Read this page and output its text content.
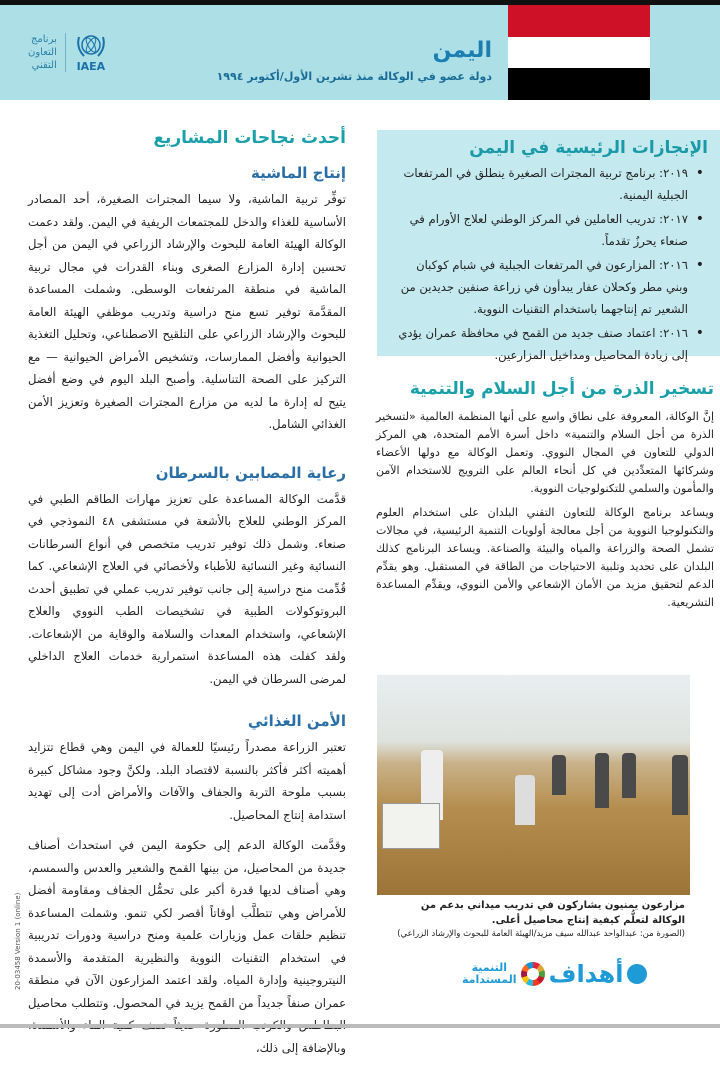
اليمن
دولة عضو في الوكالة منذ تشرين الأول/أكتوبر ١٩٩٤
برنامج
التعاون
التقني IAEA
أحدث نجاحات المشاريع
إنتاج الماشية

توفِّر تربية الماشية، ولا سيما المجترات الصغيرة، أحد المصادر الأساسية للغذاء والدخل للمجتمعات الريفية في اليمن. ولقد دعمت الوكالة الهيئة العامة للبحوث والإرشاد الزراعي في اليمن من أجل تحسين إدارة المزارع الصغرى وبناء القدرات في مجال تربية الماشية في منطقة المرتفعات الوسطى. وشملت المساعدة المقدَّمة توفير تسع منح دراسية وتدريب موظفي الهيئة العامة للبحوث والإرشاد الزراعي على التلقيح الاصطناعي، وتحليل التغذية الحيوانية وأفضل الممارسات، وتشخيص الأمراض الحيوانية — مع التركيز على الصحة التناسلية. وأصبح البلد اليوم في وضع أفضل يتيح له إدارة ما لديه من مزارع المجترات الصغيرة وتعزيز الأمن الغذائي الشامل.

رعاية المصابين بالسرطان

قدَّمت الوكالة المساعدة على تعزيز مهارات الطاقم الطبي في المركز الوطني للعلاج بالأشعة في مستشفى ٤٨ النموذجي في صنعاء. وشمل ذلك توفير تدريب متخصص في أنواع السرطانات النسائية وغير النسائية للأطباء ولأخصائي في العلاج الإشعاعي. كما قُدِّمت منح دراسية إلى جانب توفير تدريب عملي في تطبيق أحدث البروتوكولات الطبية في تشخيصات الطب النووي والعلاج الإشعاعي، واستخدام المعدات والسلامة والوقاية من الإشعاعات. ولقد كفلت هذه المساعدة استمرارية خدمات العلاج الداخلي لمرضى السرطان في اليمن.

الأمن الغذائي

تعتبر الزراعة مصدراً رئيسيًا للعمالة في اليمن وهي قطاع تتزايد أهميته أكثر فأكثر بالنسبة لاقتصاد البلد. ولكنَّ وجود مشاكل كبيرة بسبب ملوحة التربة والجفاف والآفات والأمراض أدت إلى تهديد استدامة إنتاج المحاصيل.

وقدَّمت الوكالة الدعم إلى حكومة اليمن في استحداث أصناف جديدة من المحاصيل، من بينها القمح والشعير والعدس والسمسم، وهي أصناف لديها قدرة أكبر على تحمُّل الجفاف ومقاومة أفضل للأمراض وهي تتطلَّب أوقاتاً أقصر لكي تنمو. وشملت المساعدة تنظيم حلقات عمل وزيارات علمية ومنح دراسية ودورات تدريبية في استخدام التقنيات النووية والنظيرية المتقدمة والأسمدة النيتروجينية وإدارة المياه. ولقد اعتمد المزارعون الآن في منطقة عمران صنفاً جديداً من القمح يزيد في المحصول. وتتطلب محاصيل وبالإضافة إلى ذلك،

الإنجازات الرئيسية في اليمن
• ٢٠١٩: برنامج تربية المجترات الصغيرة ينطلق في المرتفعات الجبلية اليمنية.
• ٢٠١٧: تدريب العاملين في المركز الوطني لعلاج الأورام في صنعاء يحرزُ تقدماً.
• ٢٠١٦: المزارعون في المرتفعات الجبلية في شبام كوكبان وبني مطر وكحلان عفار يبدأون في زراعة صنفين جديدين من الشعير تم إنتاجهما باستخدام التقنيات النووية.
• ٢٠١٦: اعتماد صنف جديد من القمح في محافظة عمران يؤدي إلى زيادة المحاصيل ومداخيل المزارعين.
تسخير الذرة من أجل السلام والتنمية

إنَّ الوكالة، المعروفة على نطاق واسع على أنها المنظمة العالمية «لتسخير الذرة من أجل السلام والتنمية» داخل أسرة الأمم المتحدة، هي المركز الدولي للتعاون في المجال النووي. وتعمل الوكالة مع دولها الأعضاء وشركائها المتعدِّدين في كل أنحاء العالم على الترويج للاستخدام الآمن والمأمون والسلمي للتكنولوجيات النووية.

ويساعد برنامج الوكالة للتعاون التقني البلدان على استخدام العلوم والتكنولوجيا النووية من أجل معالجة أولويات التنمية الرئيسية، في مجالات تشمل الصحة والزراعة والمياه والبيئة والصناعة. ويساعد البرنامج كذلك البلدان على تحديد وتلبية الاحتياجات من الطاقة في المستقبل. وهو يقدِّم الدعم لتحقيق مزيد من الأمان الإشعاعي والأمن النووي، ويقدِّم المساعدة التشريعية.

مزارعون يمنيون يشاركون في تدريب ميداني بدعم من الوكالة لتعلُّم كيفية إنتاج محاصيل أعلى.
(الصورة من: عبدالواحد عبدالله سيف مزيد/الهيئة العامة للبحوث والإرشاد الزراعي)
أهداف
التنمية
المستدامة
20-03458 Version 1 (online)
